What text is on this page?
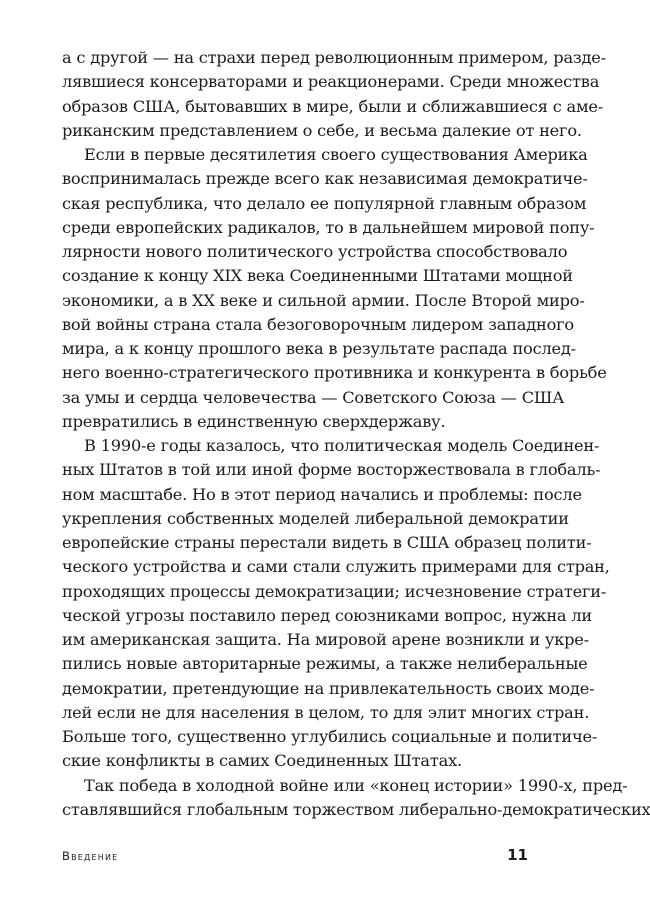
а с другой — на страхи перед революционным примером, разде-
лявшиеся консерваторами и реакционерами. Среди множества
образов США, бытовавших в мире, были и сближавшиеся с аме-
риканским представлением о себе, и весьма далекие от него.
Если в первые десятилетия своего существования Америка
воспринималась прежде всего как независимая демократиче-
ская республика, что делало ее популярной главным образом
среди европейских радикалов, то в дальнейшем мировой попу-
лярности нового политического устройства способствовало
создание к концу XIX века Соединенными Штатами мощной
экономики, а в XX веке и сильной армии. После Второй миро-
вой войны страна стала безоговорочным лидером западного
мира, а к концу прошлого века в результате распада послед-
него военно-стратегического противника и конкурента в борьбе
за умы и сердца человечества — Советского Союза — США
превратились в единственную сверхдержаву.
В 1990-е годы казалось, что политическая модель Соединен-
ных Штатов в той или иной форме восторжествовала в глобаль-
ном масштабе. Но в этот период начались и проблемы: после
укрепления собственных моделей либеральной демократии
европейские страны перестали видеть в США образец полити-
ческого устройства и сами стали служить примерами для стран,
проходящих процессы демократизации; исчезновение стратеги-
ческой угрозы поставило перед союзниками вопрос, нужна ли
им американская защита. На мировой арене возникли и укре-
пились новые авторитарные режимы, а также нелиберальные
демократии, претендующие на привлекательность своих моде-
лей если не для населения в целом, то для элит многих стран.
Больше того, существенно углубились социальные и политиче-
ские конфликты в самих Соединенных Штатах.
Так победа в холодной войне или «конец истории» 1990-х, пред-
ставлявшийся глобальным торжеством либерально-демократических
Введение	11
